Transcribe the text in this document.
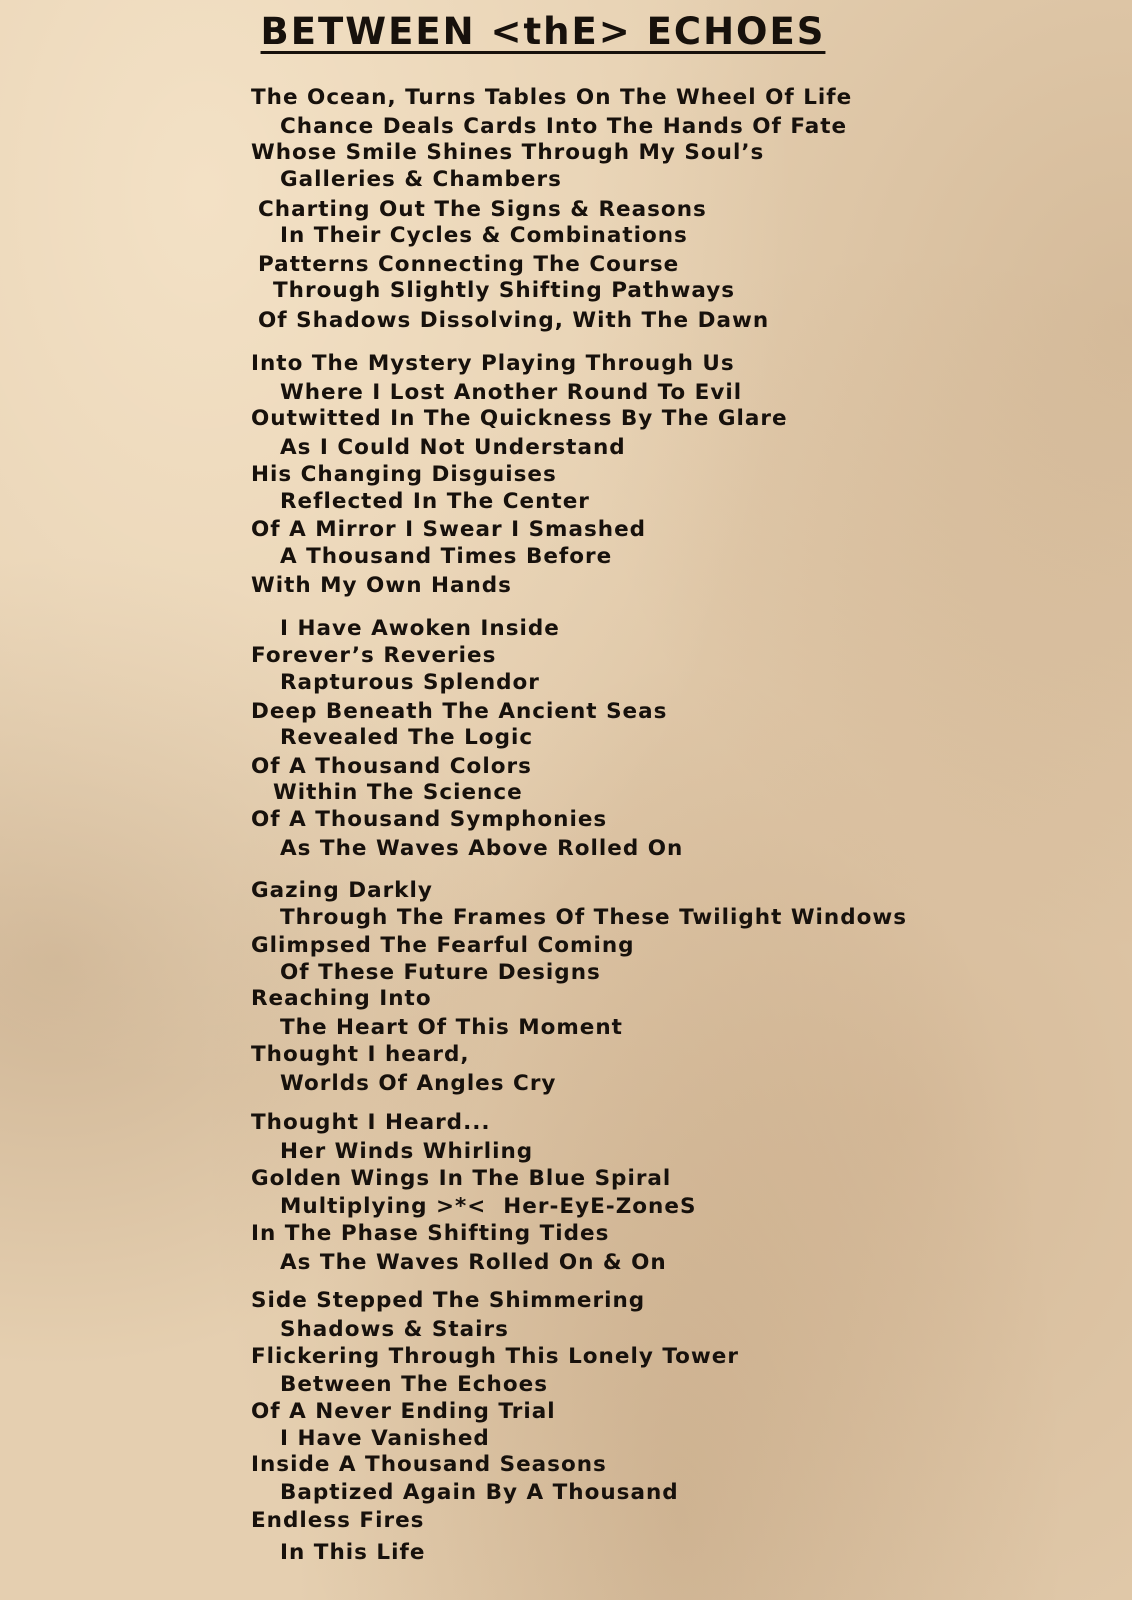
BETWEEN <thE> ECHOES

The Ocean, Turns Tables On The Wheel Of Life

Chance Deals Cards Into The Hands Of Fate

Whose Smile Shines Through My Soul’s

Galleries & Chambers

Charting Out The Signs & Reasons

In Their Cycles & Combinations

Patterns Connecting The Course

Through Slightly Shifting Pathways

Of Shadows Dissolving, With The Dawn

Into The Mystery Playing Through Us

Where I Lost Another Round To Evil

Outwitted In The Quickness By The Glare

As I Could Not Understand

His Changing Disguises

Reflected In The Center

Of A Mirror I Swear I Smashed

A Thousand Times Before

With My Own Hands

I Have Awoken Inside

Forever’s Reveries

Rapturous Splendor

Deep Beneath The Ancient Seas

Revealed The Logic

Of A Thousand Colors

Within The Science

Of A Thousand Symphonies

As The Waves Above Rolled On

Gazing Darkly

Through The Frames Of These Twilight Windows

Glimpsed The Fearful Coming

Of These Future Designs

Reaching Into

The Heart Of This Moment

Thought I heard,

Worlds Of Angles Cry

Thought I Heard...

Her Winds Whirling

Golden Wings In The Blue Spiral

Multiplying >*<  Her-EyE-ZoneS

In The Phase Shifting Tides

As The Waves Rolled On & On

Side Stepped The Shimmering

Shadows & Stairs

Flickering Through This Lonely Tower

Between The Echoes

Of A Never Ending Trial

I Have Vanished

Inside A Thousand Seasons

Baptized Again By A Thousand

Endless Fires

In This Life
